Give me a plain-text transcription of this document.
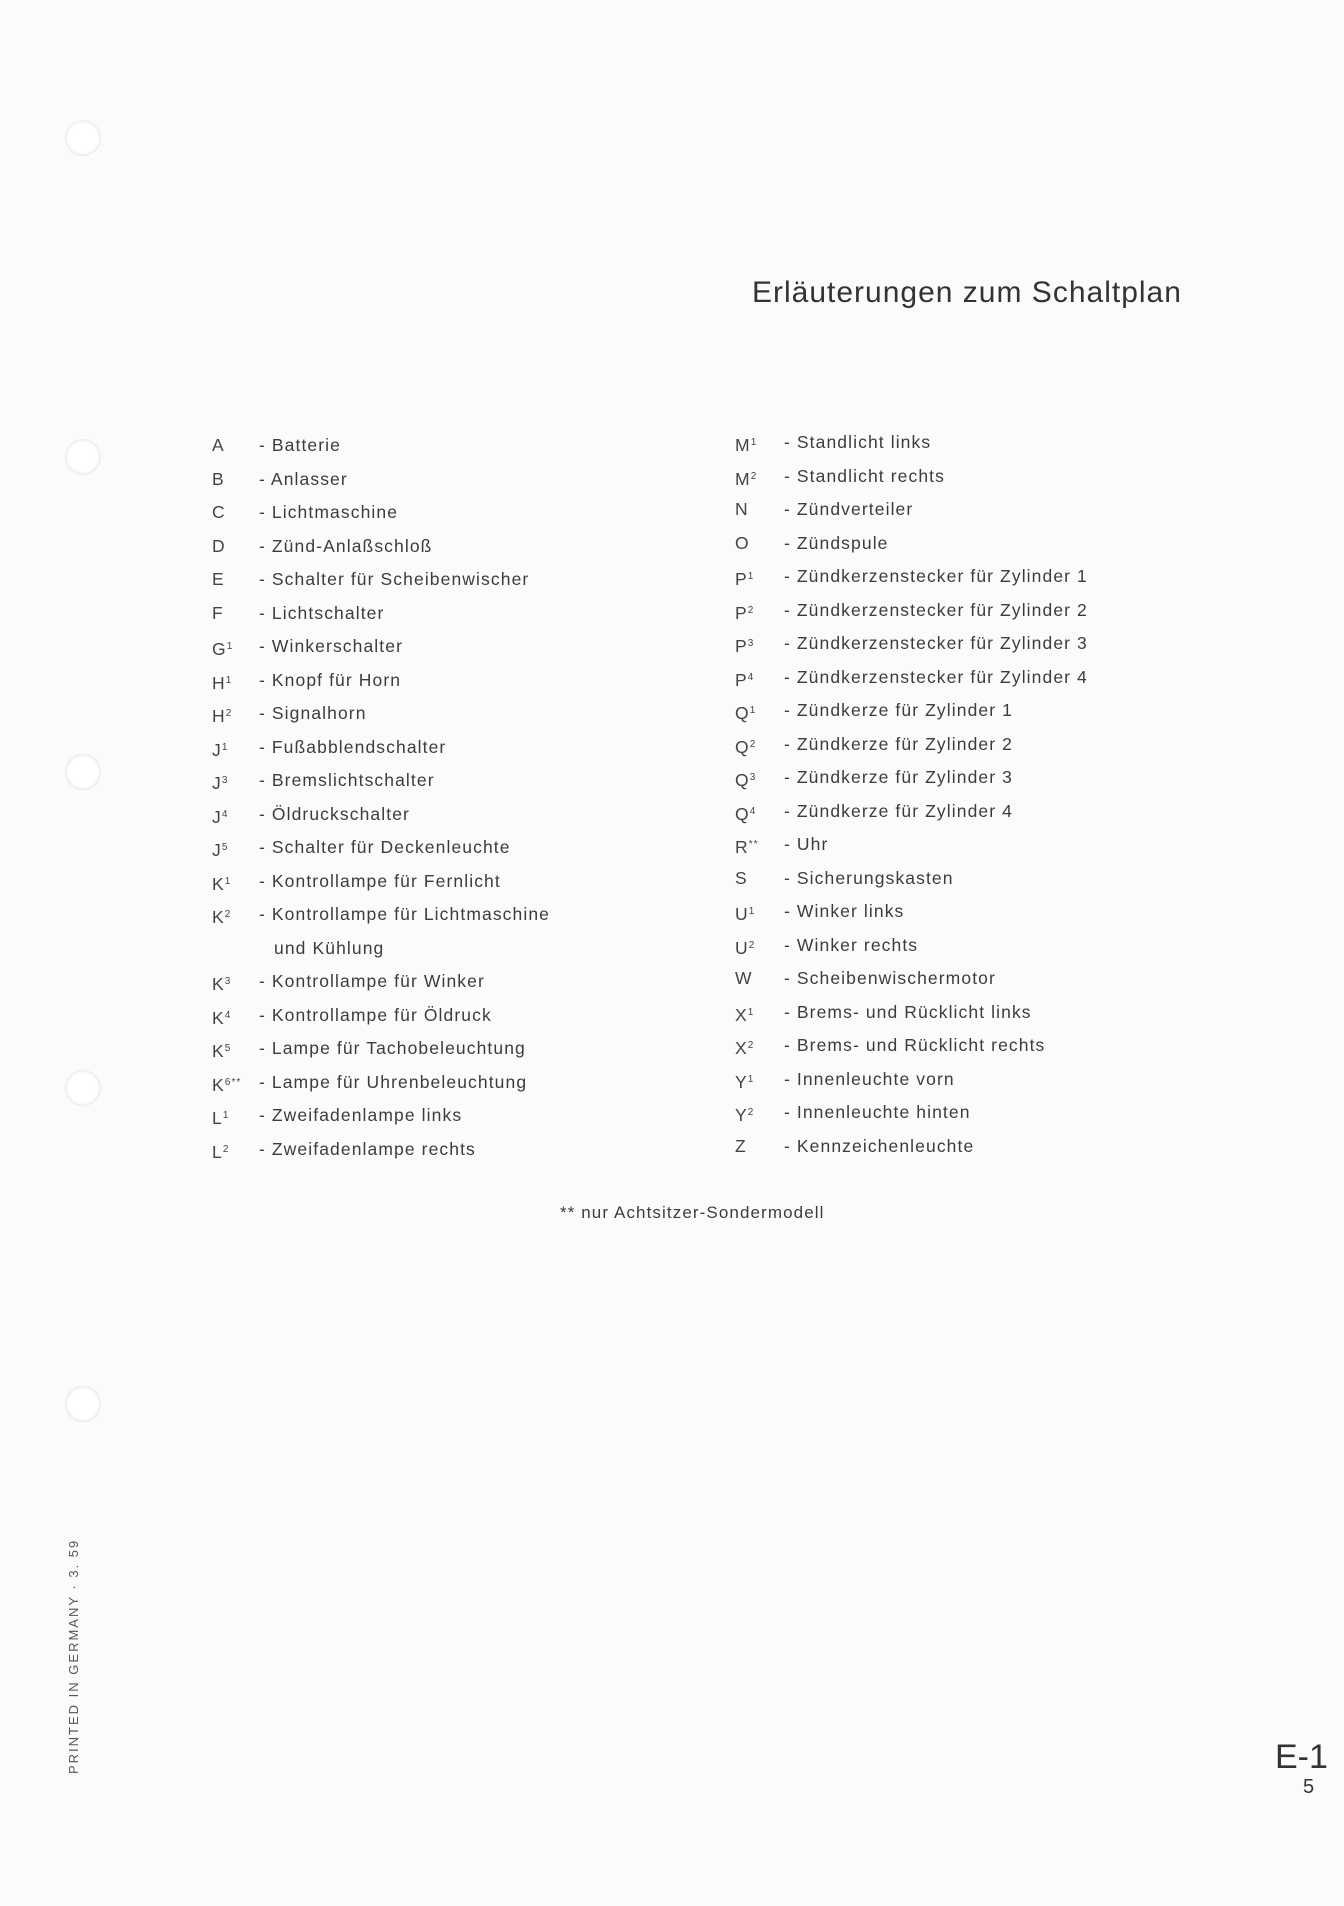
Erläuterungen zum Schaltplan
A	- Batterie
B	- Anlasser
C	- Lichtmaschine
D	- Zünd-Anlaßschloß
E	- Schalter für Scheibenwischer
F	- Lichtschalter
$G^1$	- Winkerschalter
$H^1$	- Knopf für Horn
$H^2$	- Signalhorn
$J^1$	- Fußabblendschalter
$J^3$	- Bremslichtschalter
$J^4$	- Öldruckschalter
$J^5$	- Schalter für Deckenleuchte
$K^1$	- Kontrollampe für Fernlicht
$K^2$	- Kontrollampe für Lichtmaschine
und Kühlung
$K^3$	- Kontrollampe für Winker
$K^4$	- Kontrollampe für Öldruck
$K^5$	- Lampe für Tachobeleuchtung
$K^{6**}$	- Lampe für Uhrenbeleuchtung
$L^1$	- Zweifadenlampe links
$L^2$	- Zweifadenlampe rechts
$M^1$	- Standlicht links
$M^2$	- Standlicht rechts
N	- Zündverteiler
O	- Zündspule
$P^1$	- Zündkerzenstecker für Zylinder 1
$P^2$	- Zündkerzenstecker für Zylinder 2
$P^3$	- Zündkerzenstecker für Zylinder 3
$P^4$	- Zündkerzenstecker für Zylinder 4
$Q^1$	- Zündkerze für Zylinder 1
$Q^2$	- Zündkerze für Zylinder 2
$Q^3$	- Zündkerze für Zylinder 3
$Q^4$	- Zündkerze für Zylinder 4
R**	- Uhr
S	- Sicherungskasten
$U^1$	- Winker links
$U^2$	- Winker rechts
W	- Scheibenwischermotor
$X^1$	- Brems- und Rücklicht links
$X^2$	- Brems- und Rücklicht rechts
$Y^1$	- Innenleuchte vorn
$Y^2$	- Innenleuchte hinten
Z	- Kennzeichenleuchte
** nur Achtsitzer-Sondermodell
PRINTED IN GERMANY · 3. 59	E-1
5
